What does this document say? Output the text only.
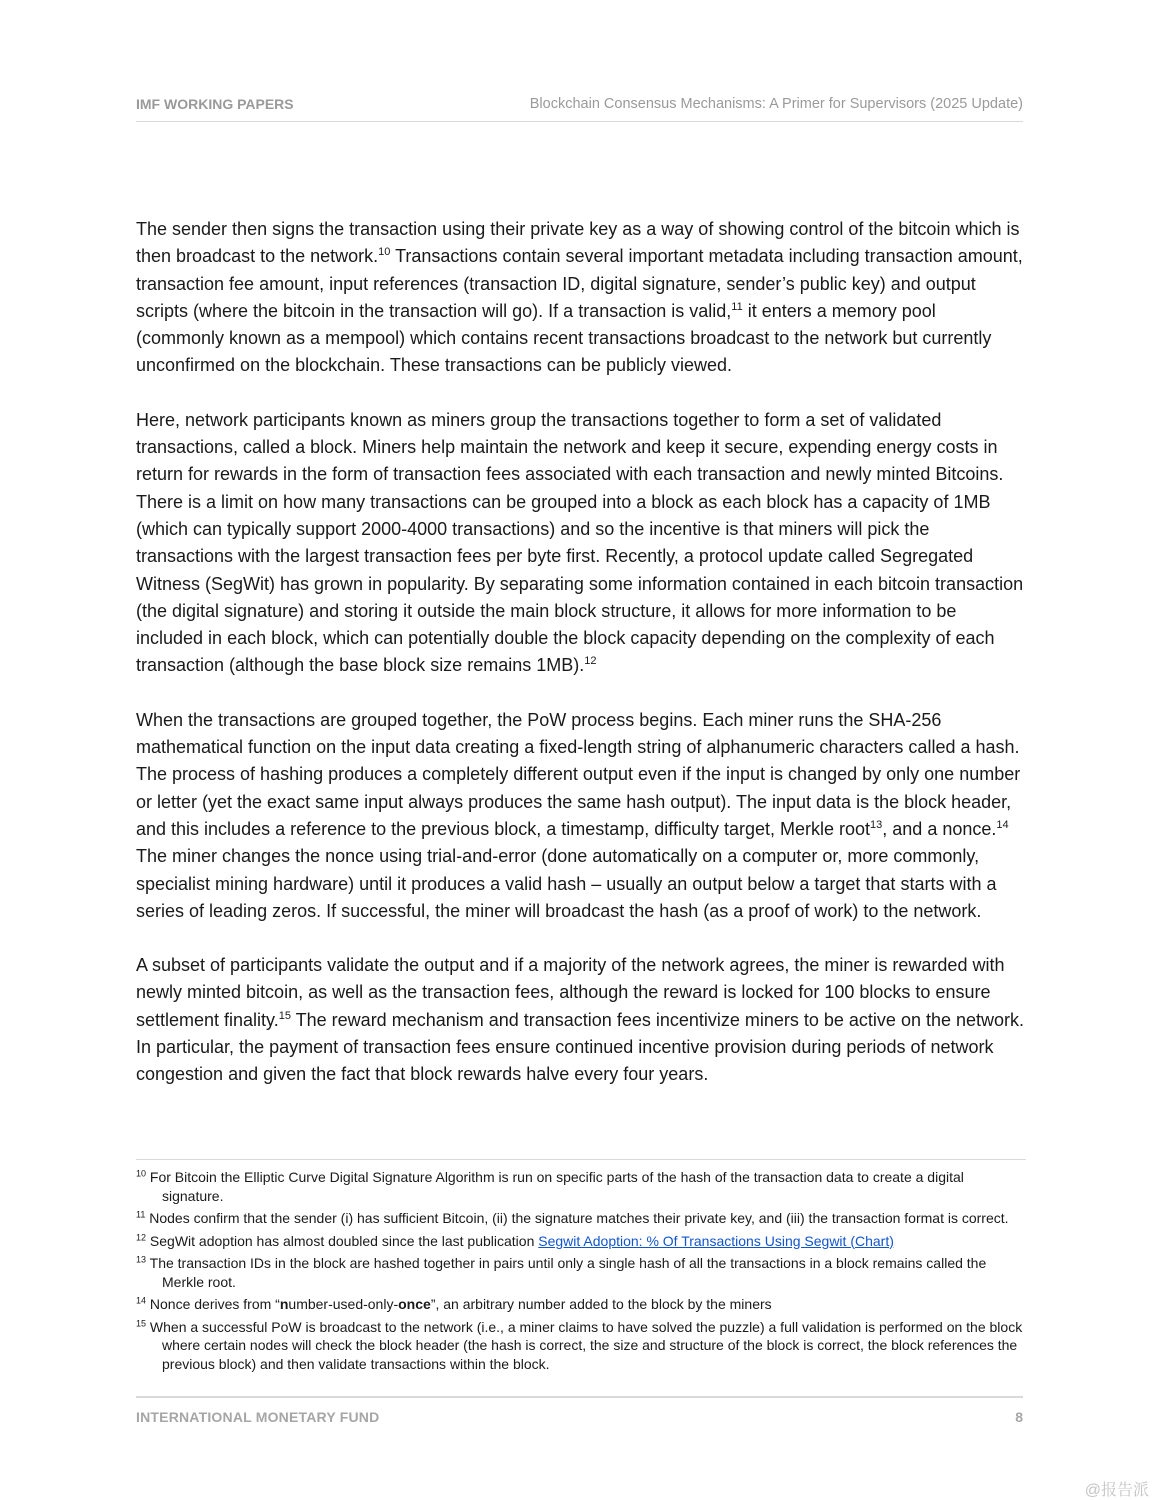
IMF WORKING PAPERS	Blockchain Consensus Mechanisms: A Primer for Supervisors (2025 Update)

The sender then signs the transaction using their private key as a way of showing control of the bitcoin which is then broadcast to the network.$^{10}$ Transactions contain several important metadata including transaction amount, transaction fee amount, input references (transaction ID, digital signature, sender’s public key) and output scripts (where the bitcoin in the transaction will go). If a transaction is valid,$^{11}$ it enters a memory pool (commonly known as a mempool) which contains recent transactions broadcast to the network but currently unconfirmed on the blockchain. These transactions can be publicly viewed.

Here, network participants known as miners group the transactions together to form a set of validated transactions, called a block. Miners help maintain the network and keep it secure, expending energy costs in return for rewards in the form of transaction fees associated with each transaction and newly minted Bitcoins. There is a limit on how many transactions can be grouped into a block as each block has a capacity of 1MB (which can typically support 2000-4000 transactions) and so the incentive is that miners will pick the transactions with the largest transaction fees per byte first. Recently, a protocol update called Segregated Witness (SegWit) has grown in popularity. By separating some information contained in each bitcoin transaction (the digital signature) and storing it outside the main block structure, it allows for more information to be included in each block, which can potentially double the block capacity depending on the complexity of each transaction (although the base block size remains 1MB).$^{12}$

When the transactions are grouped together, the PoW process begins. Each miner runs the SHA-256 mathematical function on the input data creating a fixed-length string of alphanumeric characters called a hash. The process of hashing produces a completely different output even if the input is changed by only one number or letter (yet the exact same input always produces the same hash output). The input data is the block header, and this includes a reference to the previous block, a timestamp, difficulty target, Merkle root$^{13}$, and a nonce.$^{14}$ The miner changes the nonce using trial-and-error (done automatically on a computer or, more commonly, specialist mining hardware) until it produces a valid hash – usually an output below a target that starts with a series of leading zeros. If successful, the miner will broadcast the hash (as a proof of work) to the network.

A subset of participants validate the output and if a majority of the network agrees, the miner is rewarded with newly minted bitcoin, as well as the transaction fees, although the reward is locked for 100 blocks to ensure settlement finality.$^{15}$ The reward mechanism and transaction fees incentivize miners to be active on the network. In particular, the payment of transaction fees ensure continued incentive provision during periods of network congestion and given the fact that block rewards halve every four years.

$^{10}$ For Bitcoin the Elliptic Curve Digital Signature Algorithm is run on specific parts of the hash of the transaction data to create a digital signature.
$^{11}$ Nodes confirm that the sender (i) has sufficient Bitcoin, (ii) the signature matches their private key, and (iii) the transaction format is correct.
$^{12}$ SegWit adoption has almost doubled since the last publication Segwit Adoption: % Of Transactions Using Segwit (Chart)
$^{13}$ The transaction IDs in the block are hashed together in pairs until only a single hash of all the transactions in a block remains called the Merkle root.
$^{14}$ Nonce derives from “number-used-only-once”, an arbitrary number added to the block by the miners
$^{15}$ When a successful PoW is broadcast to the network (i.e., a miner claims to have solved the puzzle) a full validation is performed on the block where certain nodes will check the block header (the hash is correct, the size and structure of the block is correct, the block references the previous block) and then validate transactions within the block.
INTERNATIONAL MONETARY FUND	8
@报告派
